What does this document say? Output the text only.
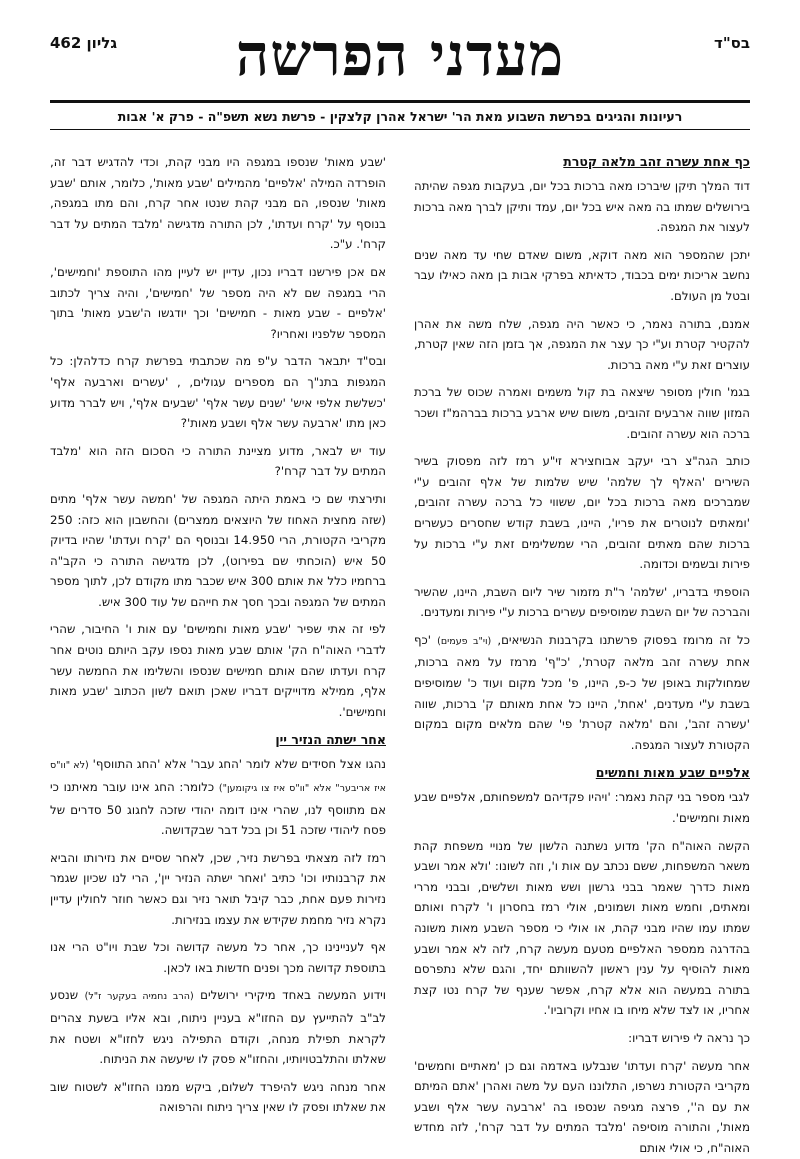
בס"ד
מעדני הפרשה
גליון 462
רעיונות והגיגים בפרשת השבוע מאת הר' ישראל אהרן קלצקין - פרשת נשא תשפ"ה - פרק א' אבות
כף אחת עשרה זהב מלאה קטרת

דוד המלך תיקן שיברכו מאה ברכות בכל יום, בעקבות מגפה שהיתה בירושלים שמתו בה מאה איש בכל יום, עמד ותיקן לברך מאה ברכות לעצור את המגפה.

יתכן שהמספר הוא מאה דוקא, משום שאדם שחי עד מאה שנים נחשב אריכות ימים בכבוד, כדאיתא בפרקי אבות בן מאה כאילו עבר ובטל מן העולם.

אמנם, בתורה נאמר, כי כאשר היה מגפה, שלח משה את אהרן להקטיר קטרת וע"י כך עצר את המגפה, אך בזמן הזה שאין קטרת, עוצרים זאת ע"י מאה ברכות.

בגמ' חולין מסופר שיצאה בת קול משמים ואמרה שכוס של ברכת המזון שווה ארבעים זהובים, משום שיש ארבע ברכות בברהמ"ז ושכר ברכה הוא עשרה זהובים.

כותב הגה"צ רבי יעקב אבוחצירא זי"ע רמז לזה מפסוק בשיר השירים 'האלף לך שלמה' שיש שלמות של אלף זהובים ע"י שמברכים מאה ברכות בכל יום, ששווי כל ברכה עשרה זהובים, 'ומאתים לנוטרים את פריו', היינו, בשבת קודש שחסרים כעשרים ברכות שהם מאתים זהובים, הרי שמשלימים זאת ע"י ברכות על פירות ובשמים וכדומה.

הוספתי בדבריו, 'שלמה' ר"ת מזמור שיר ליום השבת, היינו, שהשיר והברכה של יום השבת שמוסיפים עשרים ברכות ע"י פירות ומעדנים.

כל זה מרומז בפסוק פרשתנו בקרבנות הנשיאים, (וי"ב פעמים) 'כף אחת עשרה זהב מלאה קטרת', 'כ"ף' מרמז על מאה ברכות, שמחולקות באופן של כ-פ, היינו, פ' מכל מקום ועוד כ' שמוסיפים בשבת ע"י מעדנים, 'אחת', היינו כל אחת מאותם ק' ברכות, שווה 'עשרה זהב', והם 'מלאה קטרת' פי' שהם מלאים מקום במקום הקטורת לעצור המגפה.

אלפיים שבע מאות וחמשים

לגבי מספר בני קהת נאמר: 'ויהיו פקדיהם למשפחותם, אלפיים שבע מאות וחמישים'.

הקשה האוה"ח הק' מדוע נשתנה הלשון של מנויי משפחת קהת משאר המשפחות, ששם נכתב עם אות ו', וזה לשונו: 'ולא אמר ושבע מאות כדרך שאמר בבני גרשון ושש מאות ושלשים, ובבני מררי ומאתים, וחמש מאות ושמונים, אולי רמז בחסרון ו' לקרח ואותם שמתו עמו שהיו מבני קהת, או אולי כי מספר השבע מאות משונה בהדרגה ממספר האלפיים מטעם מעשה קרח, לזה לא אמר ושבע מאות להוסיף על ענין ראשון להשוותם יחד, והגם שלא נתפרסם בתורה במעשה הוא אלא קרח, אפשר שענף של קרח נטו קצת אחריו, או לצד שלא מיחו בו אחיו וקרוביו'.

כך נראה לי פירוש דבריו:

אחר מעשה 'קרח ועדתו' שנבלעו באדמה וגם כן 'מאתיים וחמשים' מקריבי הקטורת נשרפו, התלוננו העם על משה ואהרן 'אתם המיתם את עם ה'', פרצה מגיפה שנספו בה 'ארבעה עשר אלף ושבע מאות', והתורה מוסיפה 'מלבד המתים על דבר קרח', לזה מחדש האוה"ח, כי אולי אותם

'שבע מאות' שנספו במגפה היו מבני קהת, וכדי להדגיש דבר זה, הופרדה המילה 'אלפיים' מהמילים 'שבע מאות', כלומר, אותם 'שבע מאות' שנספו, הם מבני קהת שנטו אחר קרח, והם מתו במגפה, בנוסף על 'קרח ועדתו', לכן התורה מדגישה 'מלבד המתים על דבר קרח'. ע"כ.

אם אכן פירשנו דבריו נכון, עדיין יש לעיין מהו התוספת 'וחמישים', הרי במגפה שם לא היה מספר של 'חמישים', והיה צריך לכתוב 'אלפיים - שבע מאות - חמישים' וכך יודגשו ה'שבע מאות' בתוך המספר שלפניו ואחריו?

ובס"ד יתבאר הדבר ע"פ מה שכתבתי בפרשת קרח כדלהלן: כל המגפות בתנ"ך הם מספרים עגולים, , 'עשרים וארבעה אלף' 'כשלשת אלפי איש' 'שנים עשר אלף' 'שבעים אלף', ויש לברר מדוע כאן מתו 'ארבעה עשר אלף ושבע מאות'?

עוד יש לבאר, מדוע מציינת התורה כי הסכום הזה הוא 'מלבד המתים על דבר קרח'?

ותירצתי שם כי באמת היתה המגפה של 'חמשה עשר אלף' מתים (שזה מחצית האחוז של היוצאים ממצרים) והחשבון הוא כזה: 250 מקריבי הקטורת, הרי 14.950 ובנוסף הם 'קרח ועדתו' שהיו בדיוק 50 איש (הוכחתי שם בפירוט), לכן מדגישה התורה כי הקב"ה ברחמיו כלל את אותם 300 איש שכבר מתו מקודם לכן, לתוך מספר המתים של המגפה ובכך חסך את חייהם של עוד 300 איש.

לפי זה אתי שפיר 'שבע מאות וחמישים' עם אות ו' החיבור, שהרי לדברי האוה"ח הק' אותם שבע מאות נספו עקב היותם נוטים אחר קרח ועדתו שהם אותם חמישים שנספו והשלימו את החמשה עשר אלף, ממילא מדוייקים דבריו שאכן תואם לשון הכתוב 'שבע מאות וחמישים'.

אחר ישתה הנזיר יין

נהגו אצל חסידים שלא לומר 'החג עבר' אלא 'החג התווסף' (לא "וו"ס איז אריבער" אלא "וו"ס איז צו גיקומען") כלומר: החג אינו עובר מאיתנו כי אם מתווסף לנו, שהרי אינו דומה יהודי שזכה לחגוג 50 סדרים של פסח ליהודי שזכה 51 וכן בכל דבר שבקדושה.

רמז לזה מצאתי בפרשת נזיר, שכן, לאחר שסיים את נזירותו והביא את קרבנותיו וכו' כתיב 'ואחר ישתה הנזיר יין', הרי לנו שכיון שגמר נזירות פעם אחת, כבר קיבל תואר נזיר וגם כאשר חוזר לחולין עדיין נקרא נזיר מחמת שקידש את עצמו בנזירות.

אף לעניינינו כך, אחר כל מעשה קדושה וכל שבת ויו"ט הרי אנו בתוספת קדושה מכך ופנים חדשות באו לכאן.

וידוע המעשה באחד מיקירי ירושלים (הרב נחמיה בעקער ז"ל) שנסע לב"ב להתייעץ עם החזו"א בעניין ניתוח, ובא אליו בשעת צהרים לקראת תפילת מנחה, וקודם התפילה ניגש לחזו"א ושטח את שאלתו והתלבטויותיו, והחזו"א פסק לו שיעשה את הניתוח.

אחר מנחה ניגש להיפרד לשלום, ביקש ממנו החזו"א לשטוח שוב את שאלתו ופסק לו שאין צריך ניתוח והרפואה
